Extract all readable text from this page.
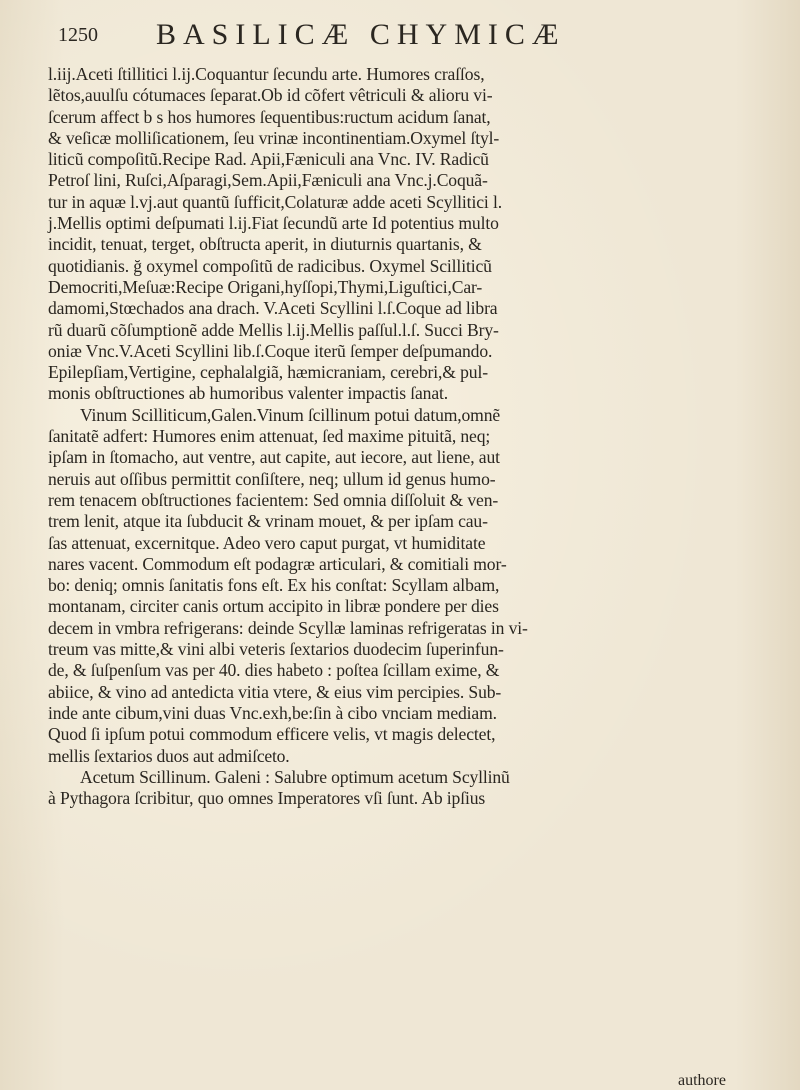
1250 BASILICÆ CHYMICÆ
l.iij.Aceti ſtillitici l.ij.Coquantur ſecundu arte. Humores craſſos,
lẽtos,auulſu cótumaces ſeparat.Ob id cõfert vêtriculi & alioru vi-
ſcerum affect b s hos humores ſequentibus:ructum acidum ſanat,
& veſicæ molliſicationem, ſeu vrinæ incontinentiam.Oxymel ſtyl-
liticũ compoſitũ.Recipe Rad. Apii,Fæniculi ana Vnc. IV. Radicũ
Petroſ lini, Ruſci,Aſparagi,Sem.Apii,Fæniculi ana Vnc.j.Coquã-
tur in aquæ l.vj.aut quantũ ſufficit,Colaturæ adde aceti Scyllitici l.
j.Mellis optimi deſpumati l.ij.Fiat ſecundũ arte Id potentius multo
incidit, tenuat, terget, obſtructa aperit, in diuturnis quartanis, &
quotidianis. ğ oxymel compoſitũ de radicibus. Oxymel Scilliticũ
Democriti,Meſuæ:Recipe Origani,hyſſopi,Thymi,Liguſtici,Car-
damomi,Stœchados ana drach. V.Aceti Scyllini l.ſ.Coque ad libra
rũ duarũ cõſumptionẽ adde Mellis l.ij.Mellis paſſul.l.ſ. Succi Bry-
oniæ Vnc.V.Aceti Scyllini lib.ſ.Coque iterũ ſemper deſpumando.
Epilepſiam,Vertigine, cephalalgiã, hæmicraniam, cerebri,& pul-
monis obſtructiones ab humoribus valenter impactis ſanat.
Vinum Scilliticum,Galen.Vinum ſcillinum potui datum,omnẽ
ſanitatẽ adfert: Humores enim attenuat, ſed maxime pituitã, neq;
ipſam in ſtomacho, aut ventre, aut capite, aut iecore, aut liene, aut
neruis aut oſſibus permittit conſiſtere, neq; ullum id genus humo-
rem tenacem obſtructiones facientem: Sed omnia diſſoluit & ven-
trem lenit, atque ita ſubducit & vrinam mouet, & per ipſam cau-
ſas attenuat, excernitque. Adeo vero caput purgat, vt humiditate
nares vacent. Commodum eſt podagræ articulari, & comitiali mor-
bo: deniq; omnis ſanitatis fons eſt. Ex his conſtat: Scyllam albam,
montanam, circiter canis ortum accipito in libræ pondere per dies
decem in vmbra refrigerans: deinde Scyllæ laminas refrigeratas in vi-
treum vas mitte,& vini albi veteris ſextarios duodecim ſuperinfun-
de, & ſuſpenſum vas per 40. dies habeto : poſtea ſcillam exime, &
abiice, & vino ad antedicta vitia vtere, & eius vim percipies. Sub-
inde ante cibum,vini duas Vnc.exh,be:ſin à cibo vnciam mediam.
Quod ſi ipſum potui commodum efficere velis, vt magis delectet,
mellis ſextarios duos aut admiſceto.
Acetum Scillinum. Galeni : Salubre optimum acetum Scyllinũ
à Pythagora ſcribitur, quo omnes Imperatores vſi ſunt. Ab ipſius
authore
